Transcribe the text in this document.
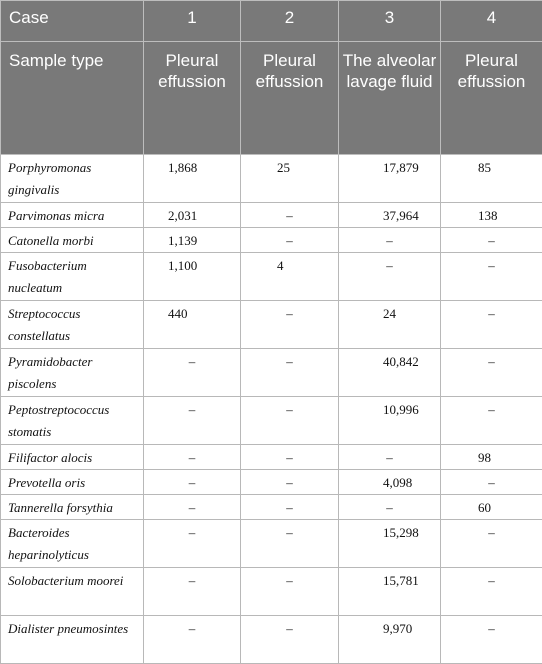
Case	1	2	3	4
Sample type	Pleural effussion	Pleural effussion	The alveolar lavage fluid	Pleural effussion
Porphyromonas gingivalis	1,868	25	17,879	85
Parvimonas micra	2,031	–	37,964	138
Catonella morbi	1,139	–	–	–
Fusobacterium nucleatum	1,100	4	–	–
Streptococcus constellatus	440	–	24	–
Pyramidobacter piscolens	–	–	40,842	–
Peptostreptococcus stomatis	–	–	10,996	–
Filifactor alocis	–	–	–	98
Prevotella oris	–	–	4,098	–
Tannerella forsythia	–	–	–	60
Bacteroides heparinolyticus	–	–	15,298	–
Solobacterium moorei	–	–	15,781	–
Dialister pneumosintes	–	–	9,970	–
